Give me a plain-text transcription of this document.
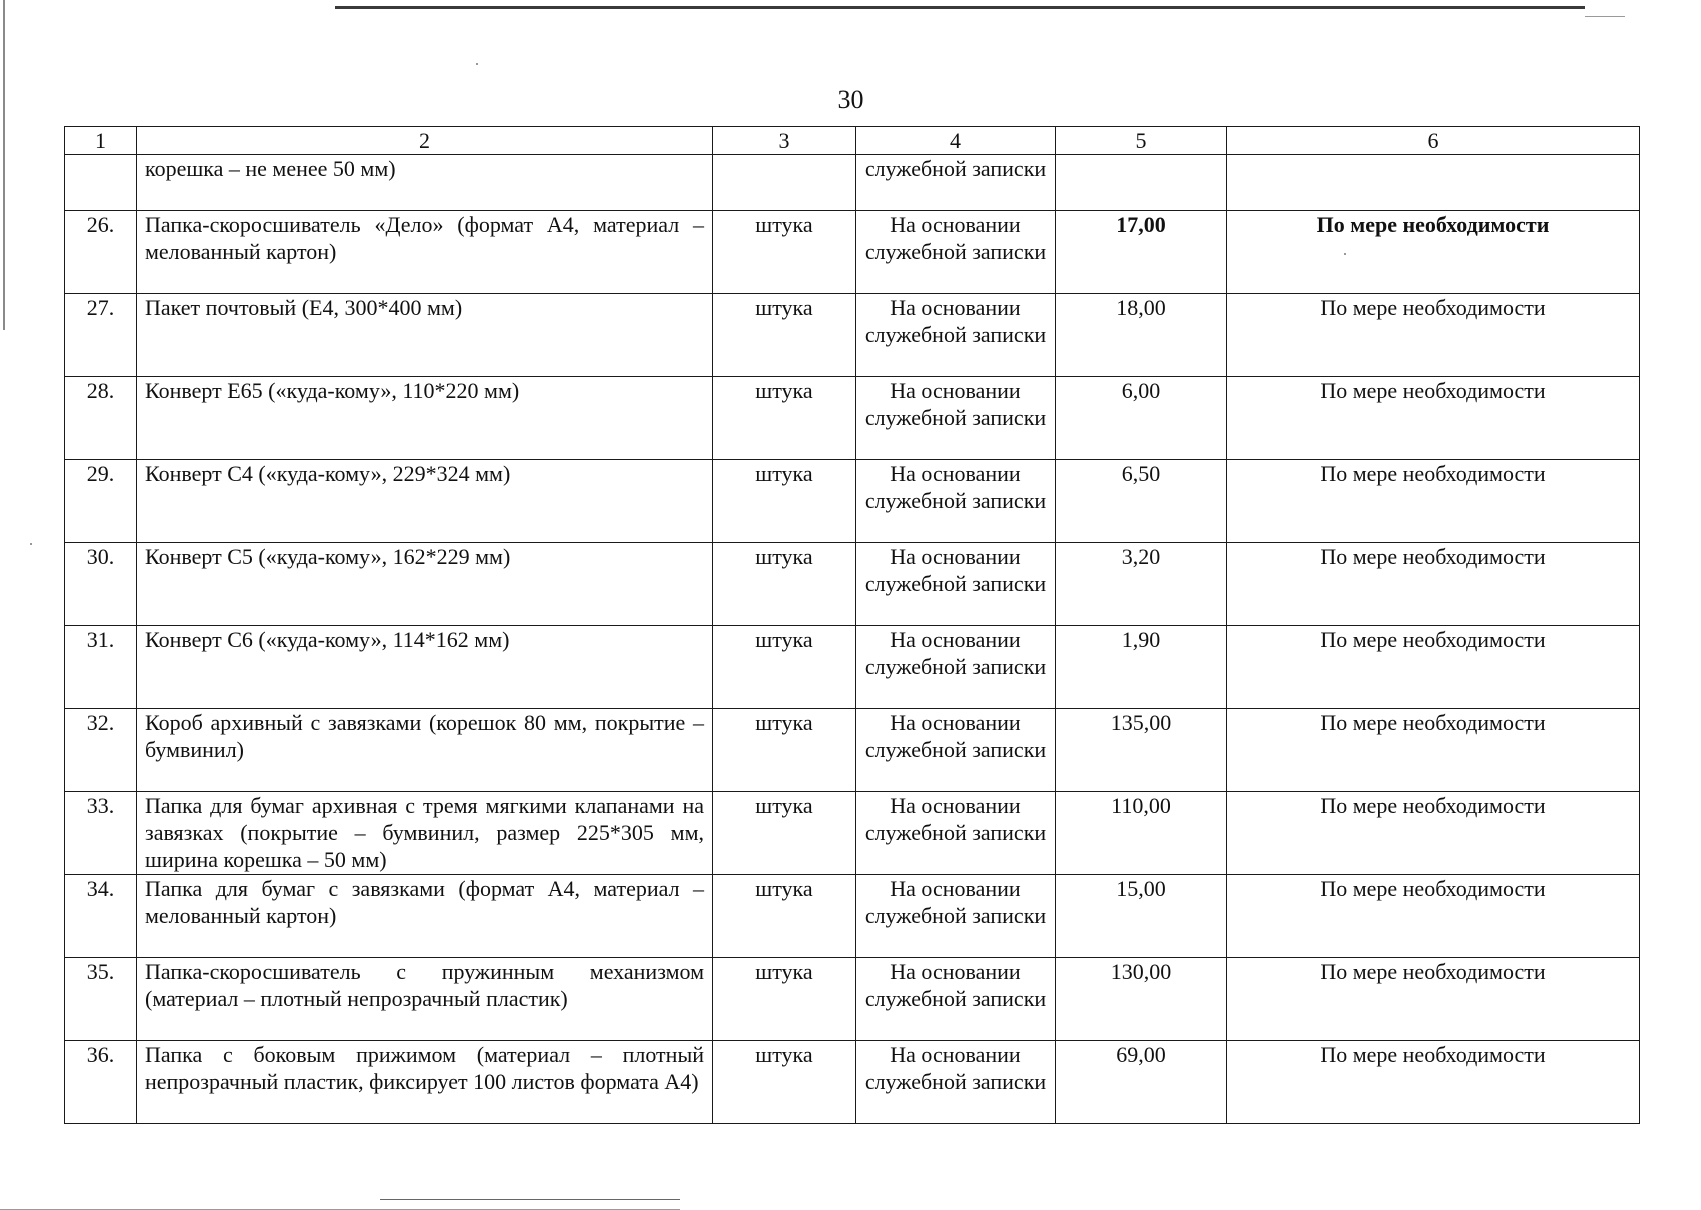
30
1	2	3	4	5	6
	корешка – не менее 50 мм)		служебной записки		
26.	Папка-скоросшиватель «Дело» (формат А4, материал – мелованный картон)	штука	На основании служебной записки	17,00	По мере необходимости
27.	Пакет почтовый (Е4, 300*400 мм)	штука	На основании служебной записки	18,00	По мере необходимости
28.	Конверт Е65 («куда-кому», 110*220 мм)	штука	На основании служебной записки	6,00	По мере необходимости
29.	Конверт С4 («куда-кому», 229*324 мм)	штука	На основании служебной записки	6,50	По мере необходимости
30.	Конверт С5 («куда-кому», 162*229 мм)	штука	На основании служебной записки	3,20	По мере необходимости
31.	Конверт С6 («куда-кому», 114*162 мм)	штука	На основании служебной записки	1,90	По мере необходимости
32.	Короб архивный с завязками (корешок 80 мм, покрытие – бумвинил)	штука	На основании служебной записки	135,00	По мере необходимости
33.	Папка для бумаг архивная с тремя мягкими клапанами на завязках (покрытие – бумвинил, размер 225*305 мм, ширина корешка – 50 мм)	штука	На основании служебной записки	110,00	По мере необходимости
34.	Папка для бумаг с завязками (формат А4, материал – мелованный картон)	штука	На основании служебной записки	15,00	По мере необходимости
35.	Папка-скоросшиватель с пружинным механизмом (материал – плотный непрозрачный пластик)	штука	На основании служебной записки	130,00	По мере необходимости
36.	Папка с боковым прижимом (материал – плотный непрозрачный пластик, фиксирует 100 листов формата А4)	штука	На основании служебной записки	69,00	По мере необходимости
